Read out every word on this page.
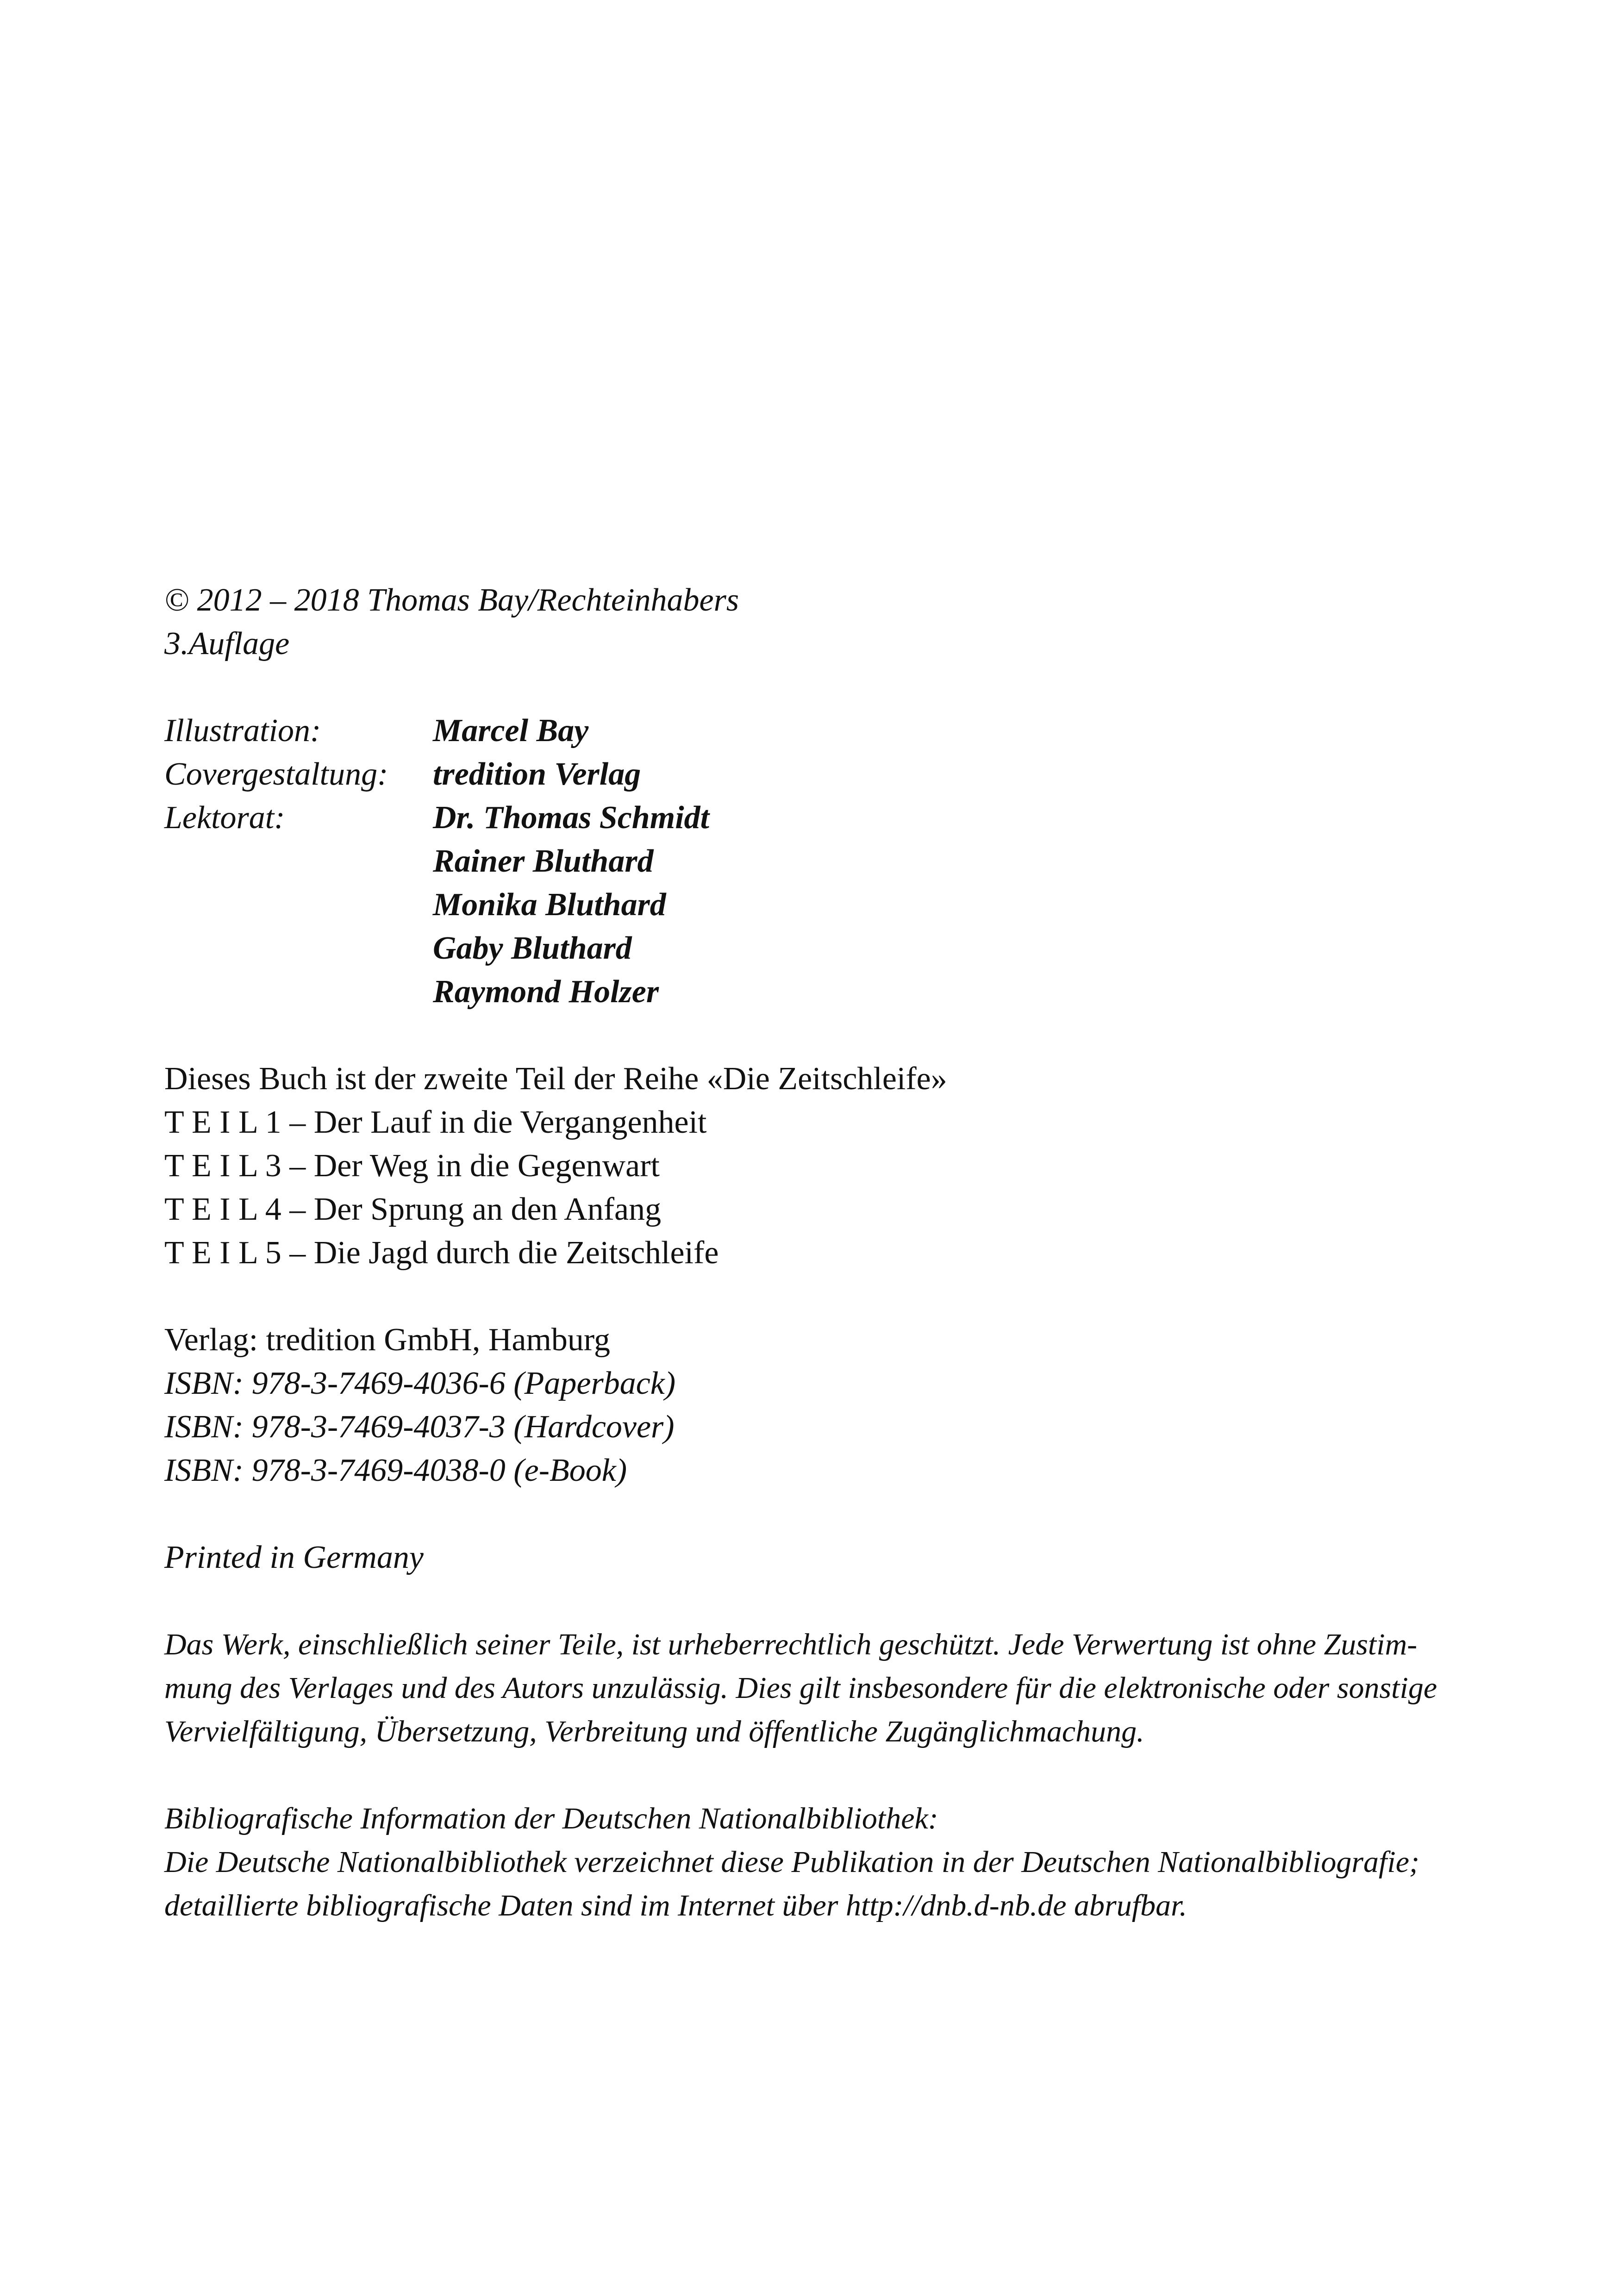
© 2012 – 2018 Thomas Bay/Rechteinhabers
3.Auflage
Illustration:	Marcel Bay
Covergestaltung:	tredition Verlag
Lektorat:	Dr. Thomas Schmidt
Rainer Bluthard
Monika Bluthard
Gaby Bluthard
Raymond Holzer
Dieses Buch ist der zweite Teil der Reihe «Die Zeitschleife»
T E I L 1 – Der Lauf in die Vergangenheit
T E I L 3 – Der Weg in die Gegenwart
T E I L 4 – Der Sprung an den Anfang
T E I L 5 – Die Jagd durch die Zeitschleife
Verlag: tredition GmbH, Hamburg
ISBN: 978-3-7469-4036-6 (Paperback)
ISBN: 978-3-7469-4037-3 (Hardcover)
ISBN: 978-3-7469-4038-0 (e-Book)
Printed in Germany
Das Werk, einschließlich seiner Teile, ist urheberrechtlich geschützt. Jede Verwertung ist ohne Zustim-
mung des Verlages und des Autors unzulässig. Dies gilt insbesondere für die elektronische oder sonstige
Vervielfältigung, Übersetzung, Verbreitung und öffentliche Zugänglichmachung.
Bibliografische Information der Deutschen Nationalbibliothek:
Die Deutsche Nationalbibliothek verzeichnet diese Publikation in der Deutschen Nationalbibliografie;
detaillierte bibliografische Daten sind im Internet über http://dnb.d-nb.de abrufbar.
